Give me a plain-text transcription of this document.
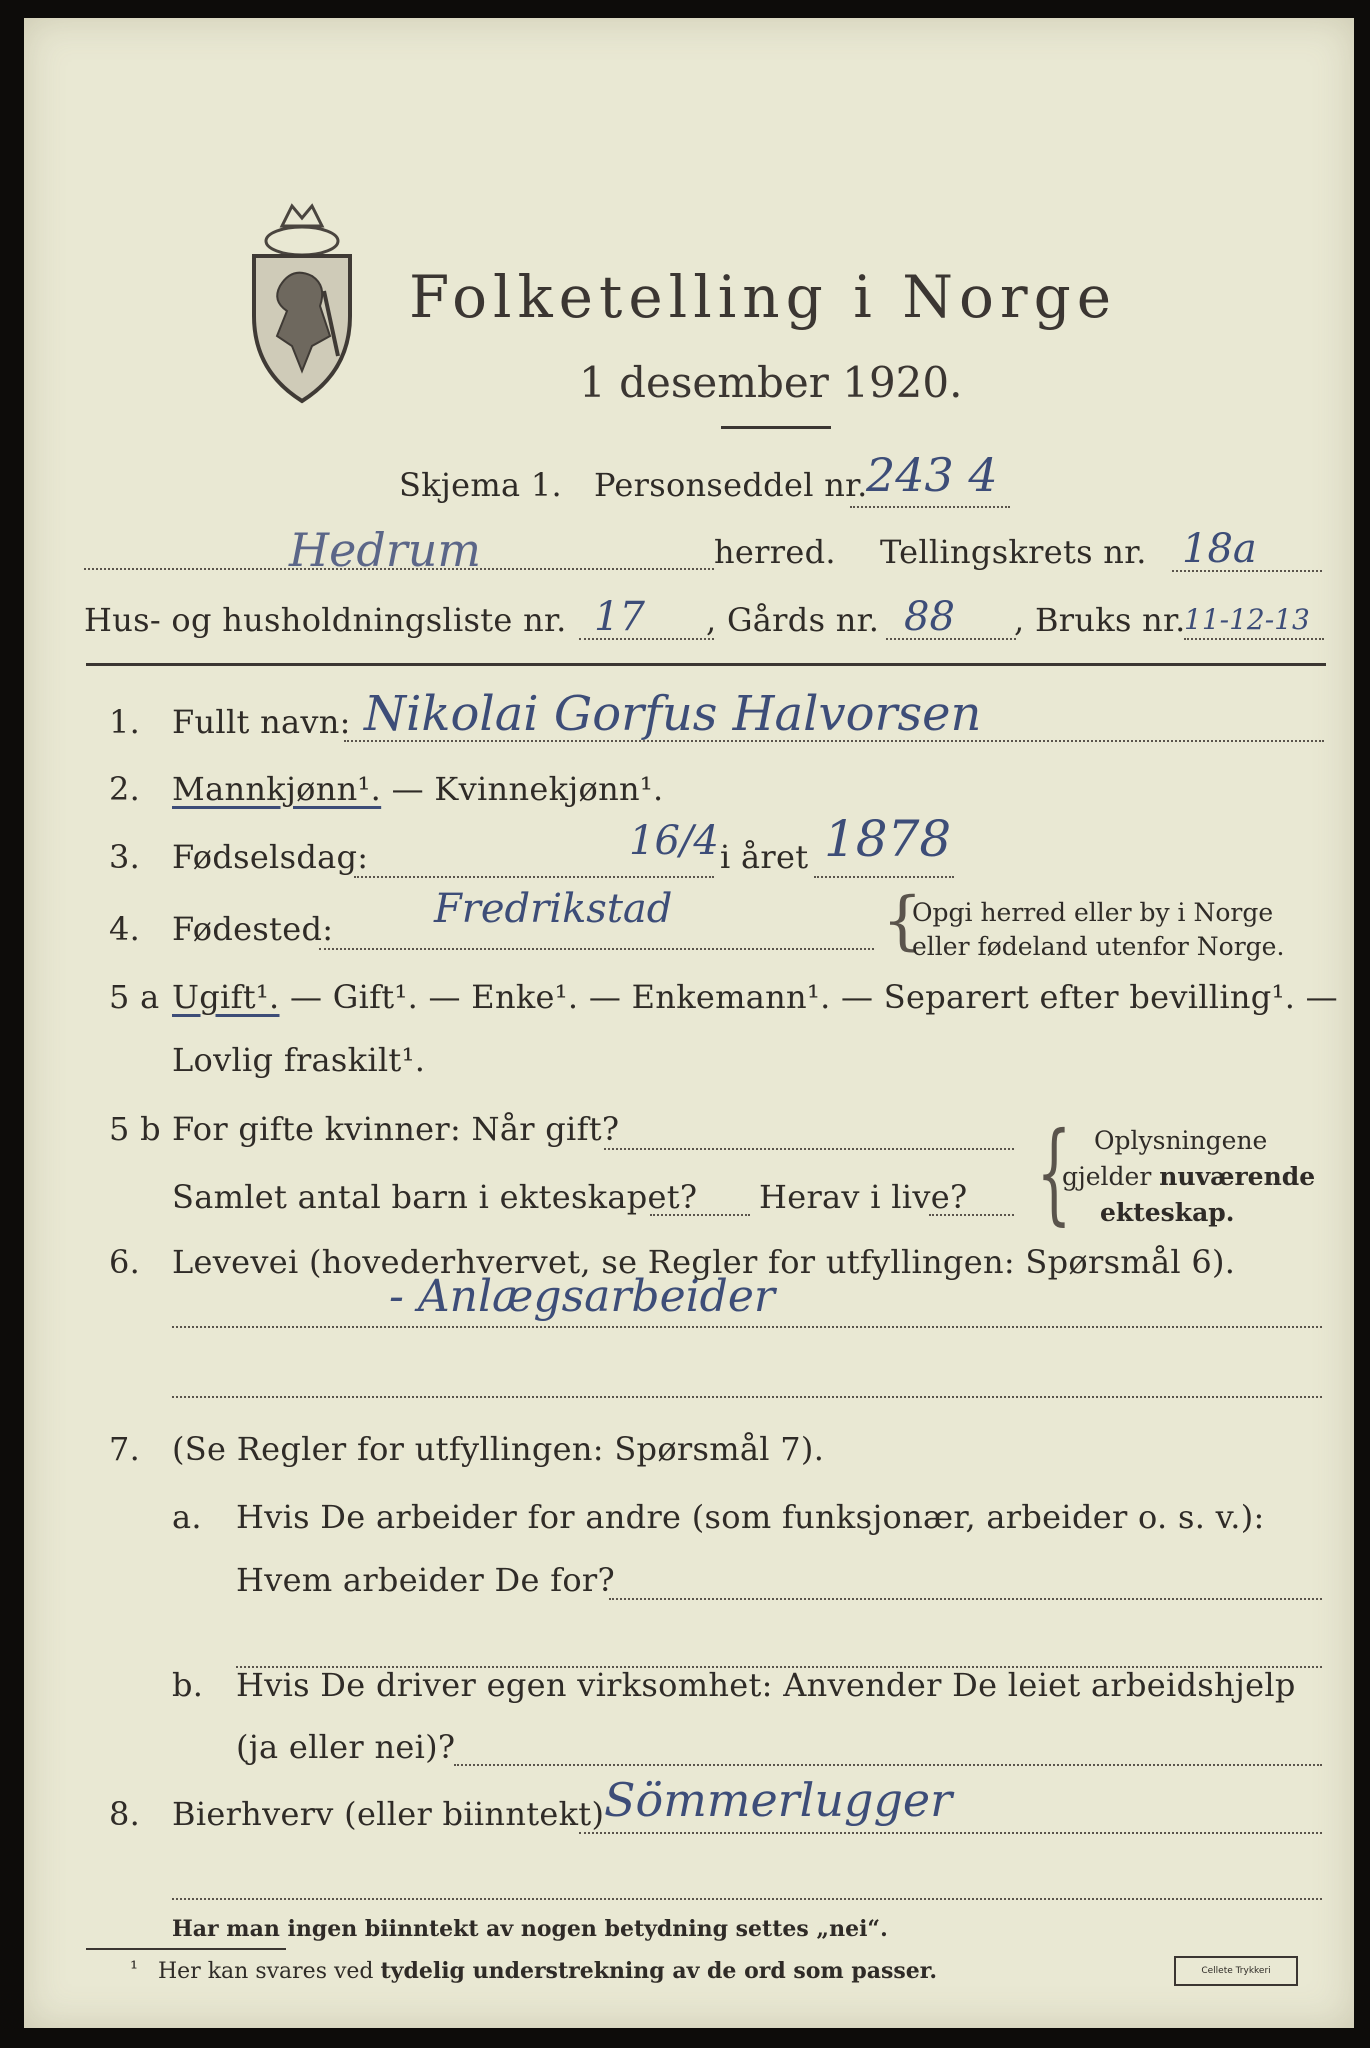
Folketelling i Norge
1 desember 1920.
Skjema 1. Personseddel nr.
243 4
Hedrum	herred. Tellingskrets nr. 18a
Hus- og husholdningsliste nr. 17 , Gårds nr. 88 , Bruks nr.
11-12-13
1. Fullt navn: Nikolai Gorfus Halvorsen
2. Mannkjønn¹. — Kvinnekjønn¹.
3. Fødselsdag:	16/4 i året 1878
4. Fødested:	Fredrikstad	{
Opgi herred eller by i Norge
eller fødeland utenfor Norge.
5 a Ugift¹. — Gift¹. — Enke¹. — Enkemann¹. — Separert efter bevilling¹. —
Lovlig fraskilt¹.
5 b For gifte kvinner: Når gift?
Samlet antal barn i ekteskapet? Herav i live? { Oplysningene
gjelder nuværende
ekteskap.
6. Levevei (hovederhvervet, se Regler for utfyllingen: Spørsmål 6).
- Anlægsarbeider
7. (Se Regler for utfyllingen: Spørsmål 7).
a. Hvis De arbeider for andre (som funksjonær, arbeider o. s. v.):
Hvem arbeider De for?
b. Hvis De driver egen virksomhet: Anvender De leiet arbeidshjelp
(ja eller nei)?
8. Bierhverv (eller biinntekt) Sömmerlugger
Har man ingen biinntekt av nogen betydning settes „nei“.
¹ Her kan svares ved tydelig understrekning av de ord som passer.	Cellete Trykkeri
